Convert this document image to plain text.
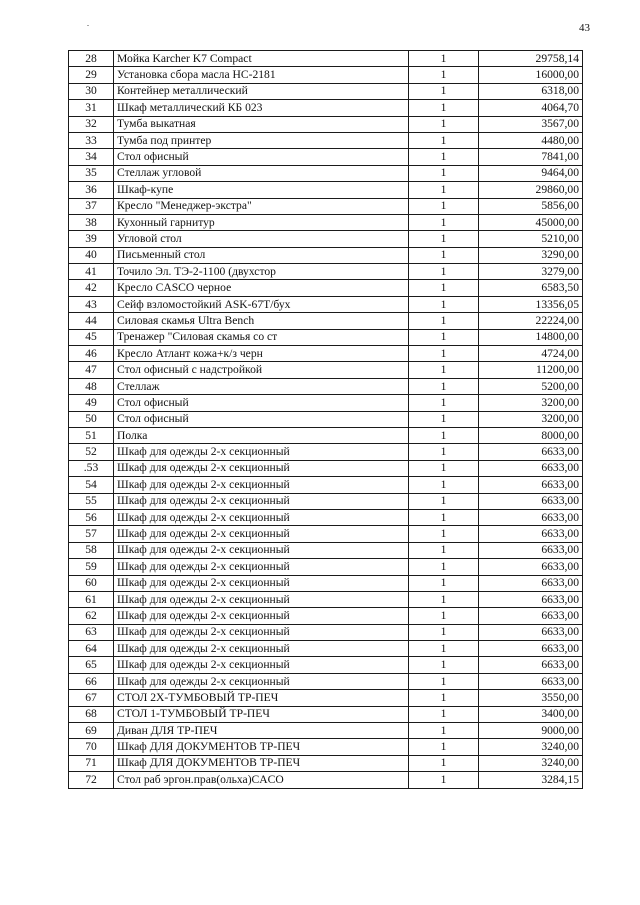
.	43
28	Мойка Karcher K7 Compact	1	29758,14
29	Установка сбора масла НС-2181	1	16000,00
30	Контейнер металлический	1	6318,00
31	Шкаф металлический КБ 023	1	4064,70
32	Тумба выкатная	1	3567,00
33	Тумба под принтер	1	4480,00
34	Стол офисный	1	7841,00
35	Стеллаж угловой	1	9464,00
36	Шкаф-купе	1	29860,00
37	Кресло "Менеджер-экстра"	1	5856,00
38	Кухонный гарнитур	1	45000,00
39	Угловой стол	1	5210,00
40	Письменный стол	1	3290,00
41	Точило Эл. ТЭ-2-1100 (двухстор	1	3279,00
42	Кресло CASCO черное	1	6583,50
43	Сейф взломостойкий ASK-67T/бух	1	13356,05
44	Силовая скамья Ultra Bench	1	22224,00
45	Тренажер "Силовая скамья со ст	1	14800,00
46	Кресло Атлант кожа+к/з черн	1	4724,00
47	Стол офисный с надстройкой	1	11200,00
48	Стеллаж	1	5200,00
49	Стол офисный	1	3200,00
50	Стол офисный	1	3200,00
51	Полка	1	8000,00
52	Шкаф для одежды 2-х секционный	1	6633,00
.53	Шкаф для одежды 2-х секционный	1	6633,00
54	Шкаф для одежды 2-х секционный	1	6633,00
55	Шкаф для одежды 2-х секционный	1	6633,00
56	Шкаф для одежды 2-х секционный	1	6633,00
57	Шкаф для одежды 2-х секционный	1	6633,00
58	Шкаф для одежды 2-х секционный	1	6633,00
59	Шкаф для одежды 2-х секционный	1	6633,00
60	Шкаф для одежды 2-х секционный	1	6633,00
61	Шкаф для одежды 2-х секционный	1	6633,00
62	Шкаф для одежды 2-х секционный	1	6633,00
63	Шкаф для одежды 2-х секционный	1	6633,00
64	Шкаф для одежды 2-х секционный	1	6633,00
65	Шкаф для одежды 2-х секционный	1	6633,00
66	Шкаф для одежды 2-х секционный	1	6633,00
67	СТОЛ 2Х-ТУМБОВЫЙ ТР-ПЕЧ	1	3550,00
68	СТОЛ 1-ТУМБОВЫЙ ТР-ПЕЧ	1	3400,00
69	Диван ДЛЯ ТР-ПЕЧ	1	9000,00
70	Шкаф ДЛЯ ДОКУМЕНТОВ ТР-ПЕЧ	1	3240,00
71	Шкаф ДЛЯ ДОКУМЕНТОВ ТР-ПЕЧ	1	3240,00
72	Стол раб эргон.прав(ольха)CACO	1	3284,15
